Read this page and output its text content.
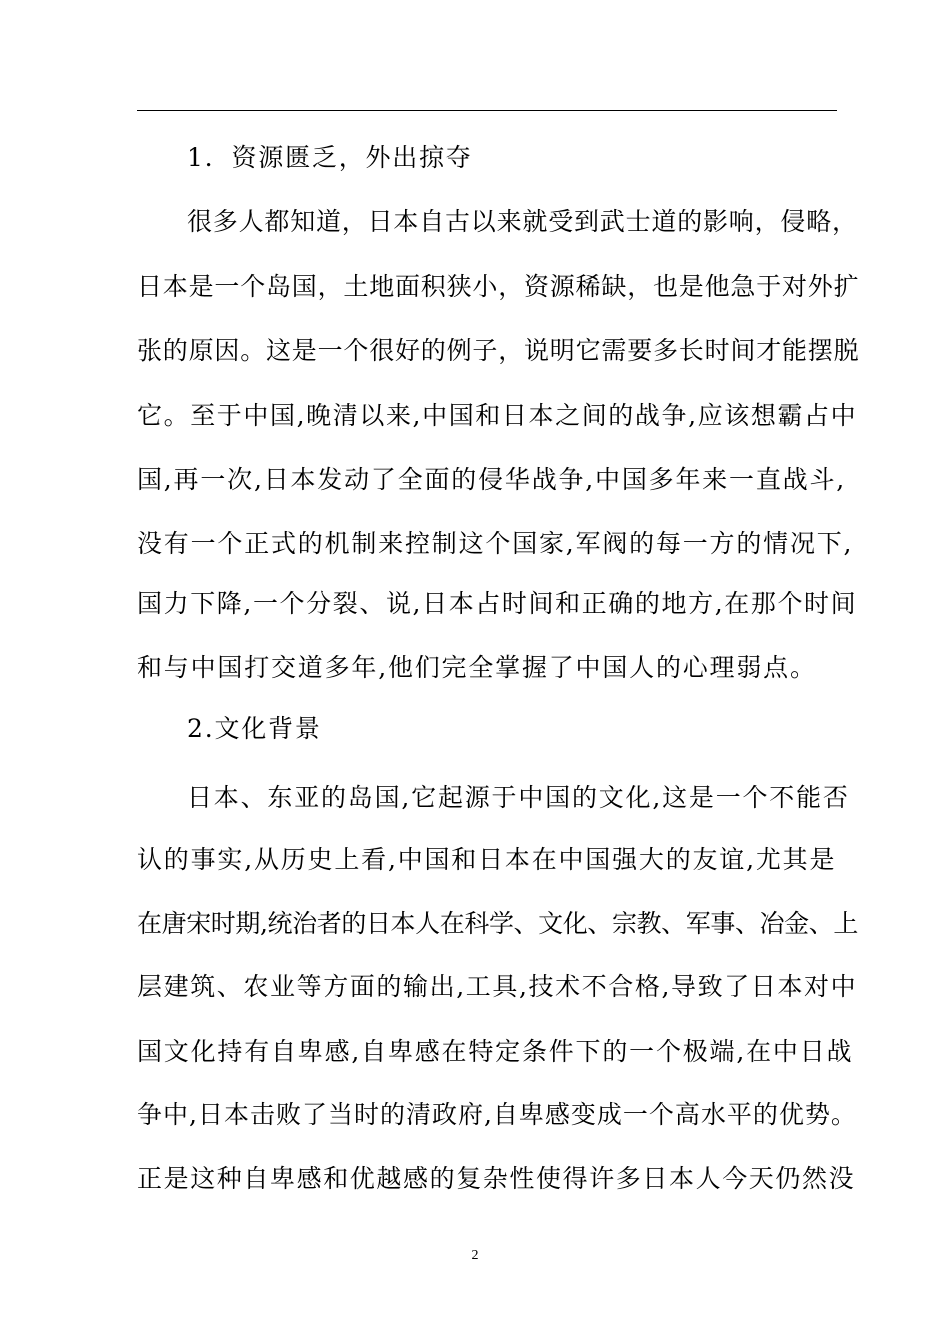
1．资源匮乏，外出掠夺
很多人都知道，日本自古以来就受到武士道的影响，侵略，
日本是一个岛国，土地面积狭小，资源稀缺，也是他急于对外扩
张的原因。这是一个很好的例子，说明它需要多长时间才能摆脱
它。至于中国,晚清以来,中国和日本之间的战争,应该想霸占中
国,再一次,日本发动了全面的侵华战争,中国多年来一直战斗,
没有一个正式的机制来控制这个国家,军阀的每一方的情况下,
国力下降,一个分裂、说,日本占时间和正确的地方,在那个时间
和与中国打交道多年,他们完全掌握了中国人的心理弱点。
2.文化背景
日本、东亚的岛国,它起源于中国的文化,这是一个不能否
认的事实,从历史上看,中国和日本在中国强大的友谊,尤其是
在唐宋时期,统治者的日本人在科学、文化、宗教、军事、冶金、上
层建筑、农业等方面的输出,工具,技术不合格,导致了日本对中
国文化持有自卑感,自卑感在特定条件下的一个极端,在中日战
争中,日本击败了当时的清政府,自卑感变成一个高水平的优势。
正是这种自卑感和优越感的复杂性使得许多日本人今天仍然没
2
